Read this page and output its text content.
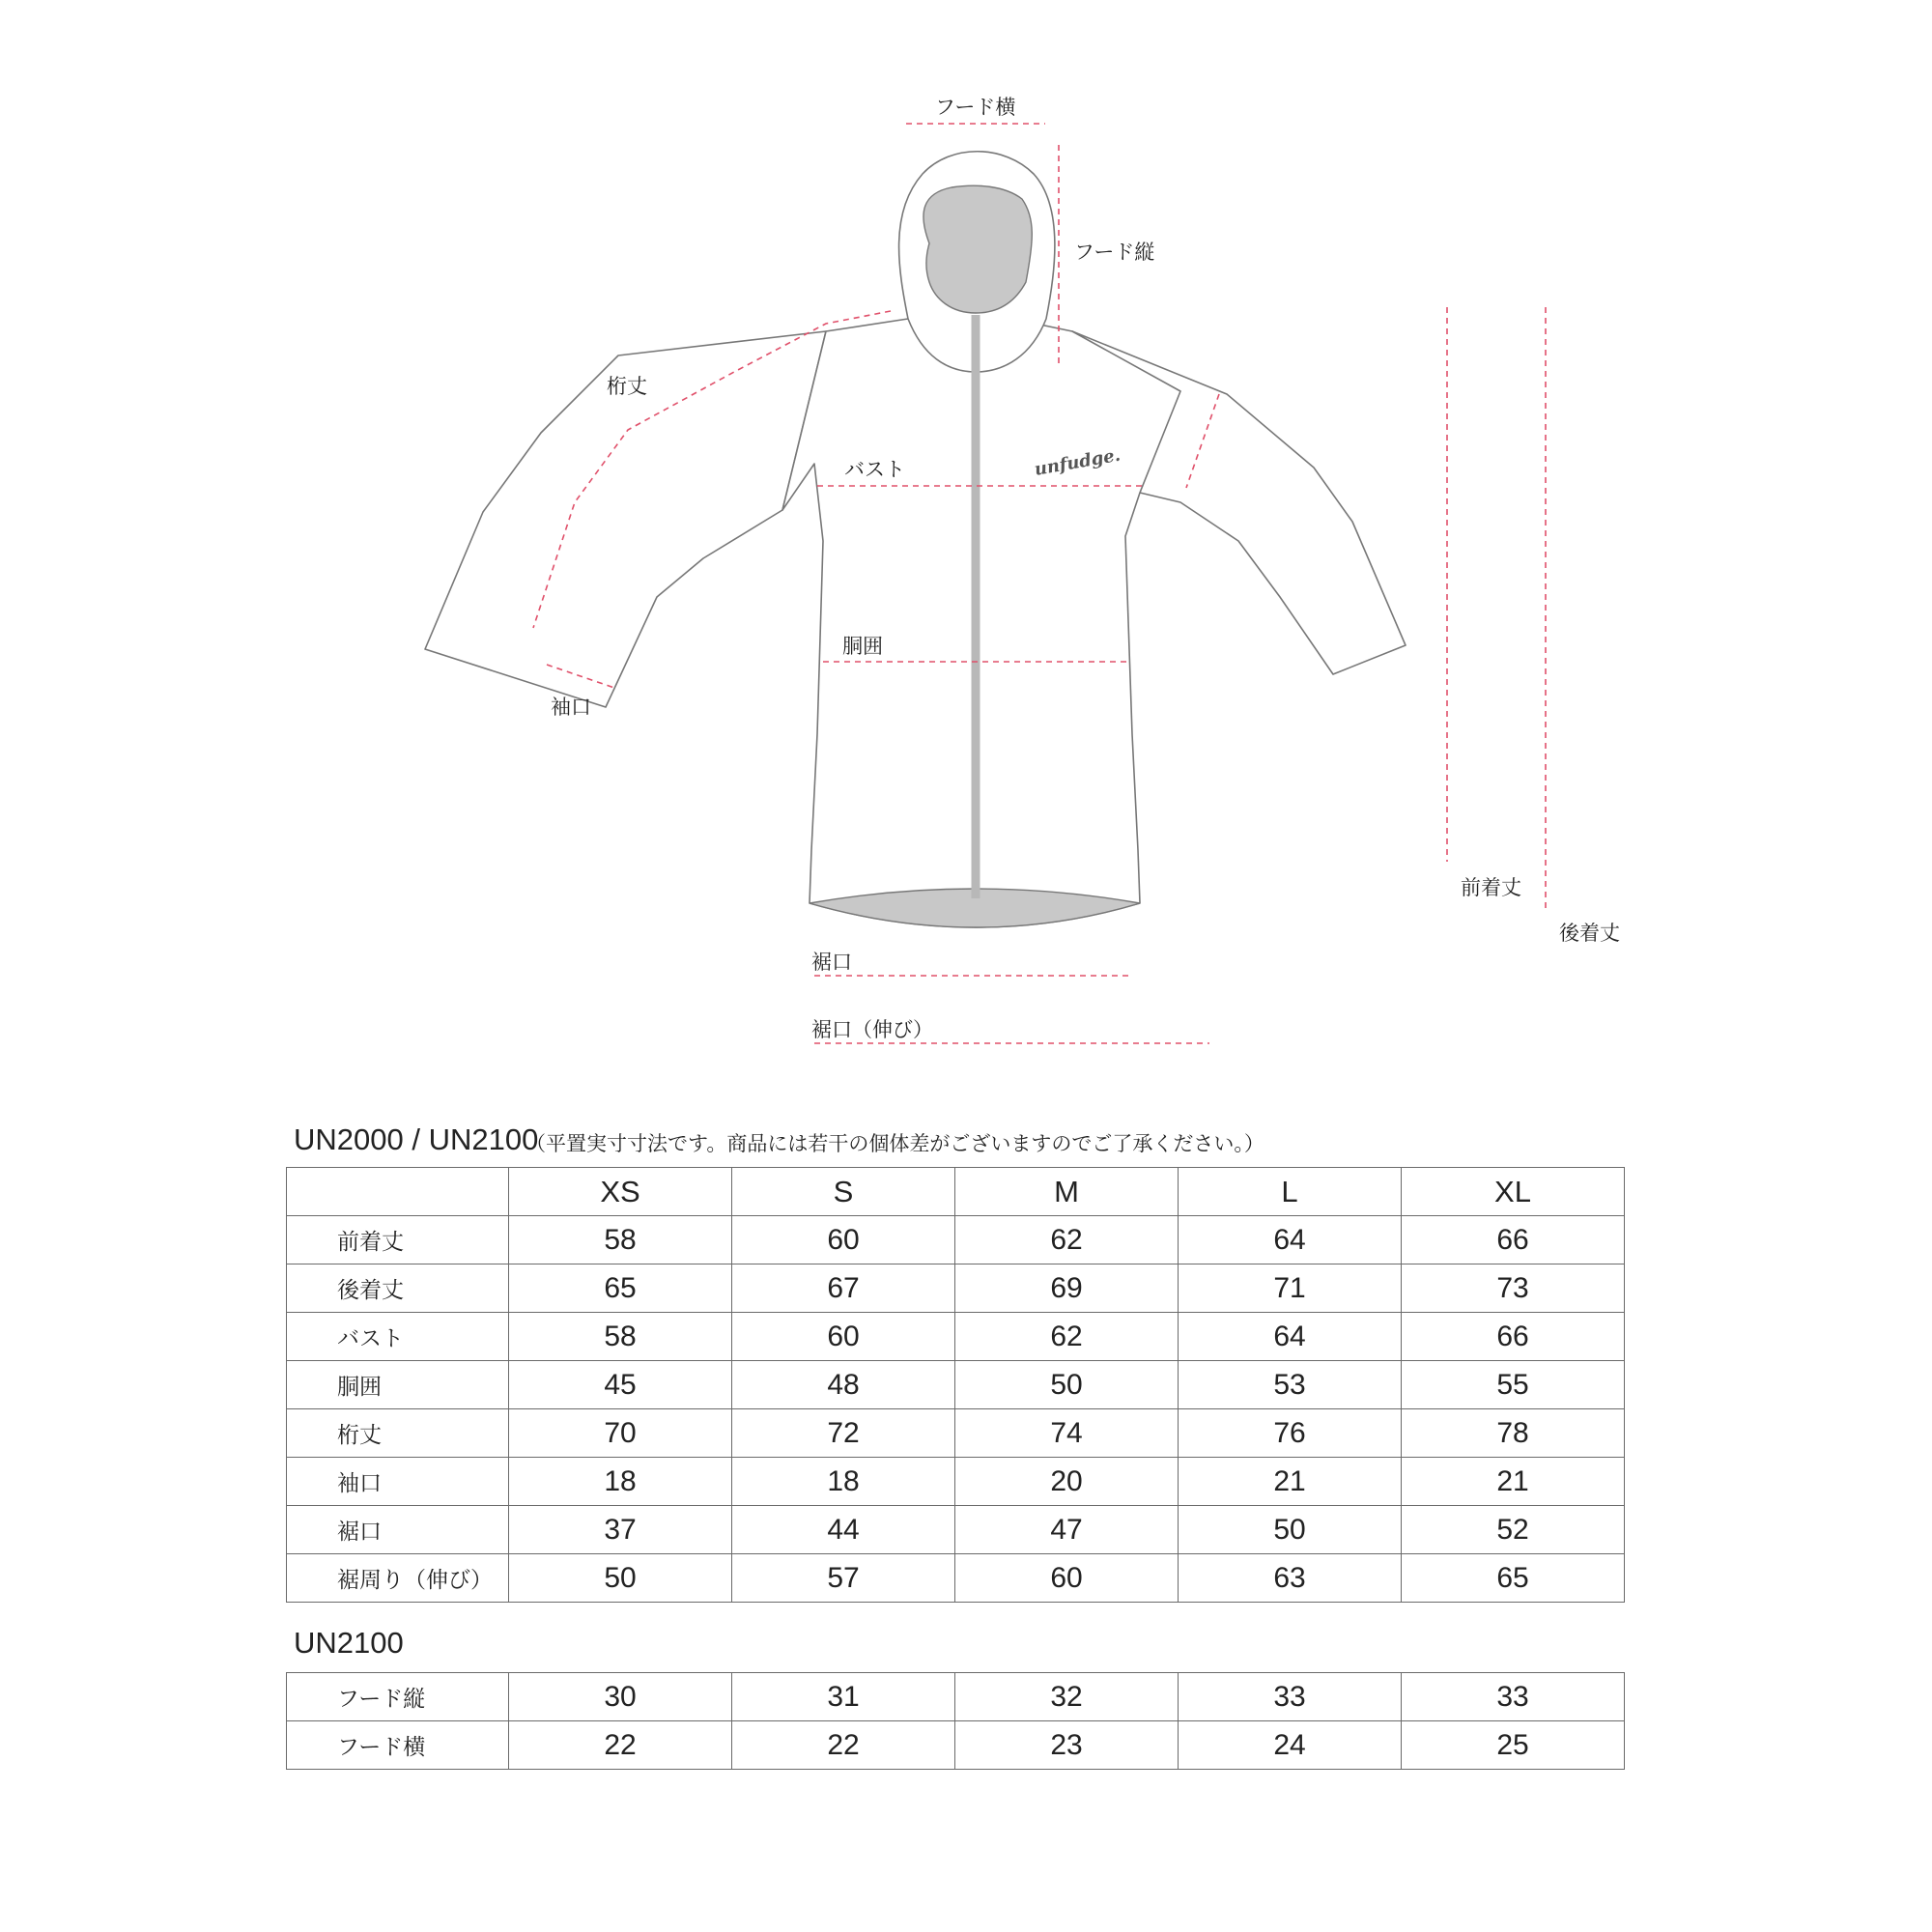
unfudge.
フード横
フード縦
桁丈
バスト
胴囲
袖口
前着丈
後着丈
裾口
裾口（伸び）
UN2000 / UN2100
（平置実寸寸法です。商品には若干の個体差がございますのでご了承ください。）
	XS	S	M	L	XL
前着丈	58	60	62	64	66
後着丈	65	67	69	71	73
バスト	58	60	62	64	66
胴囲	45	48	50	53	55
桁丈	70	72	74	76	78
袖口	18	18	20	21	21
裾口	37	44	47	50	52
裾周り（伸び）	50	57	60	63	65
UN2100
フード縦	30	31	32	33	33
フード横	22	22	23	24	25
